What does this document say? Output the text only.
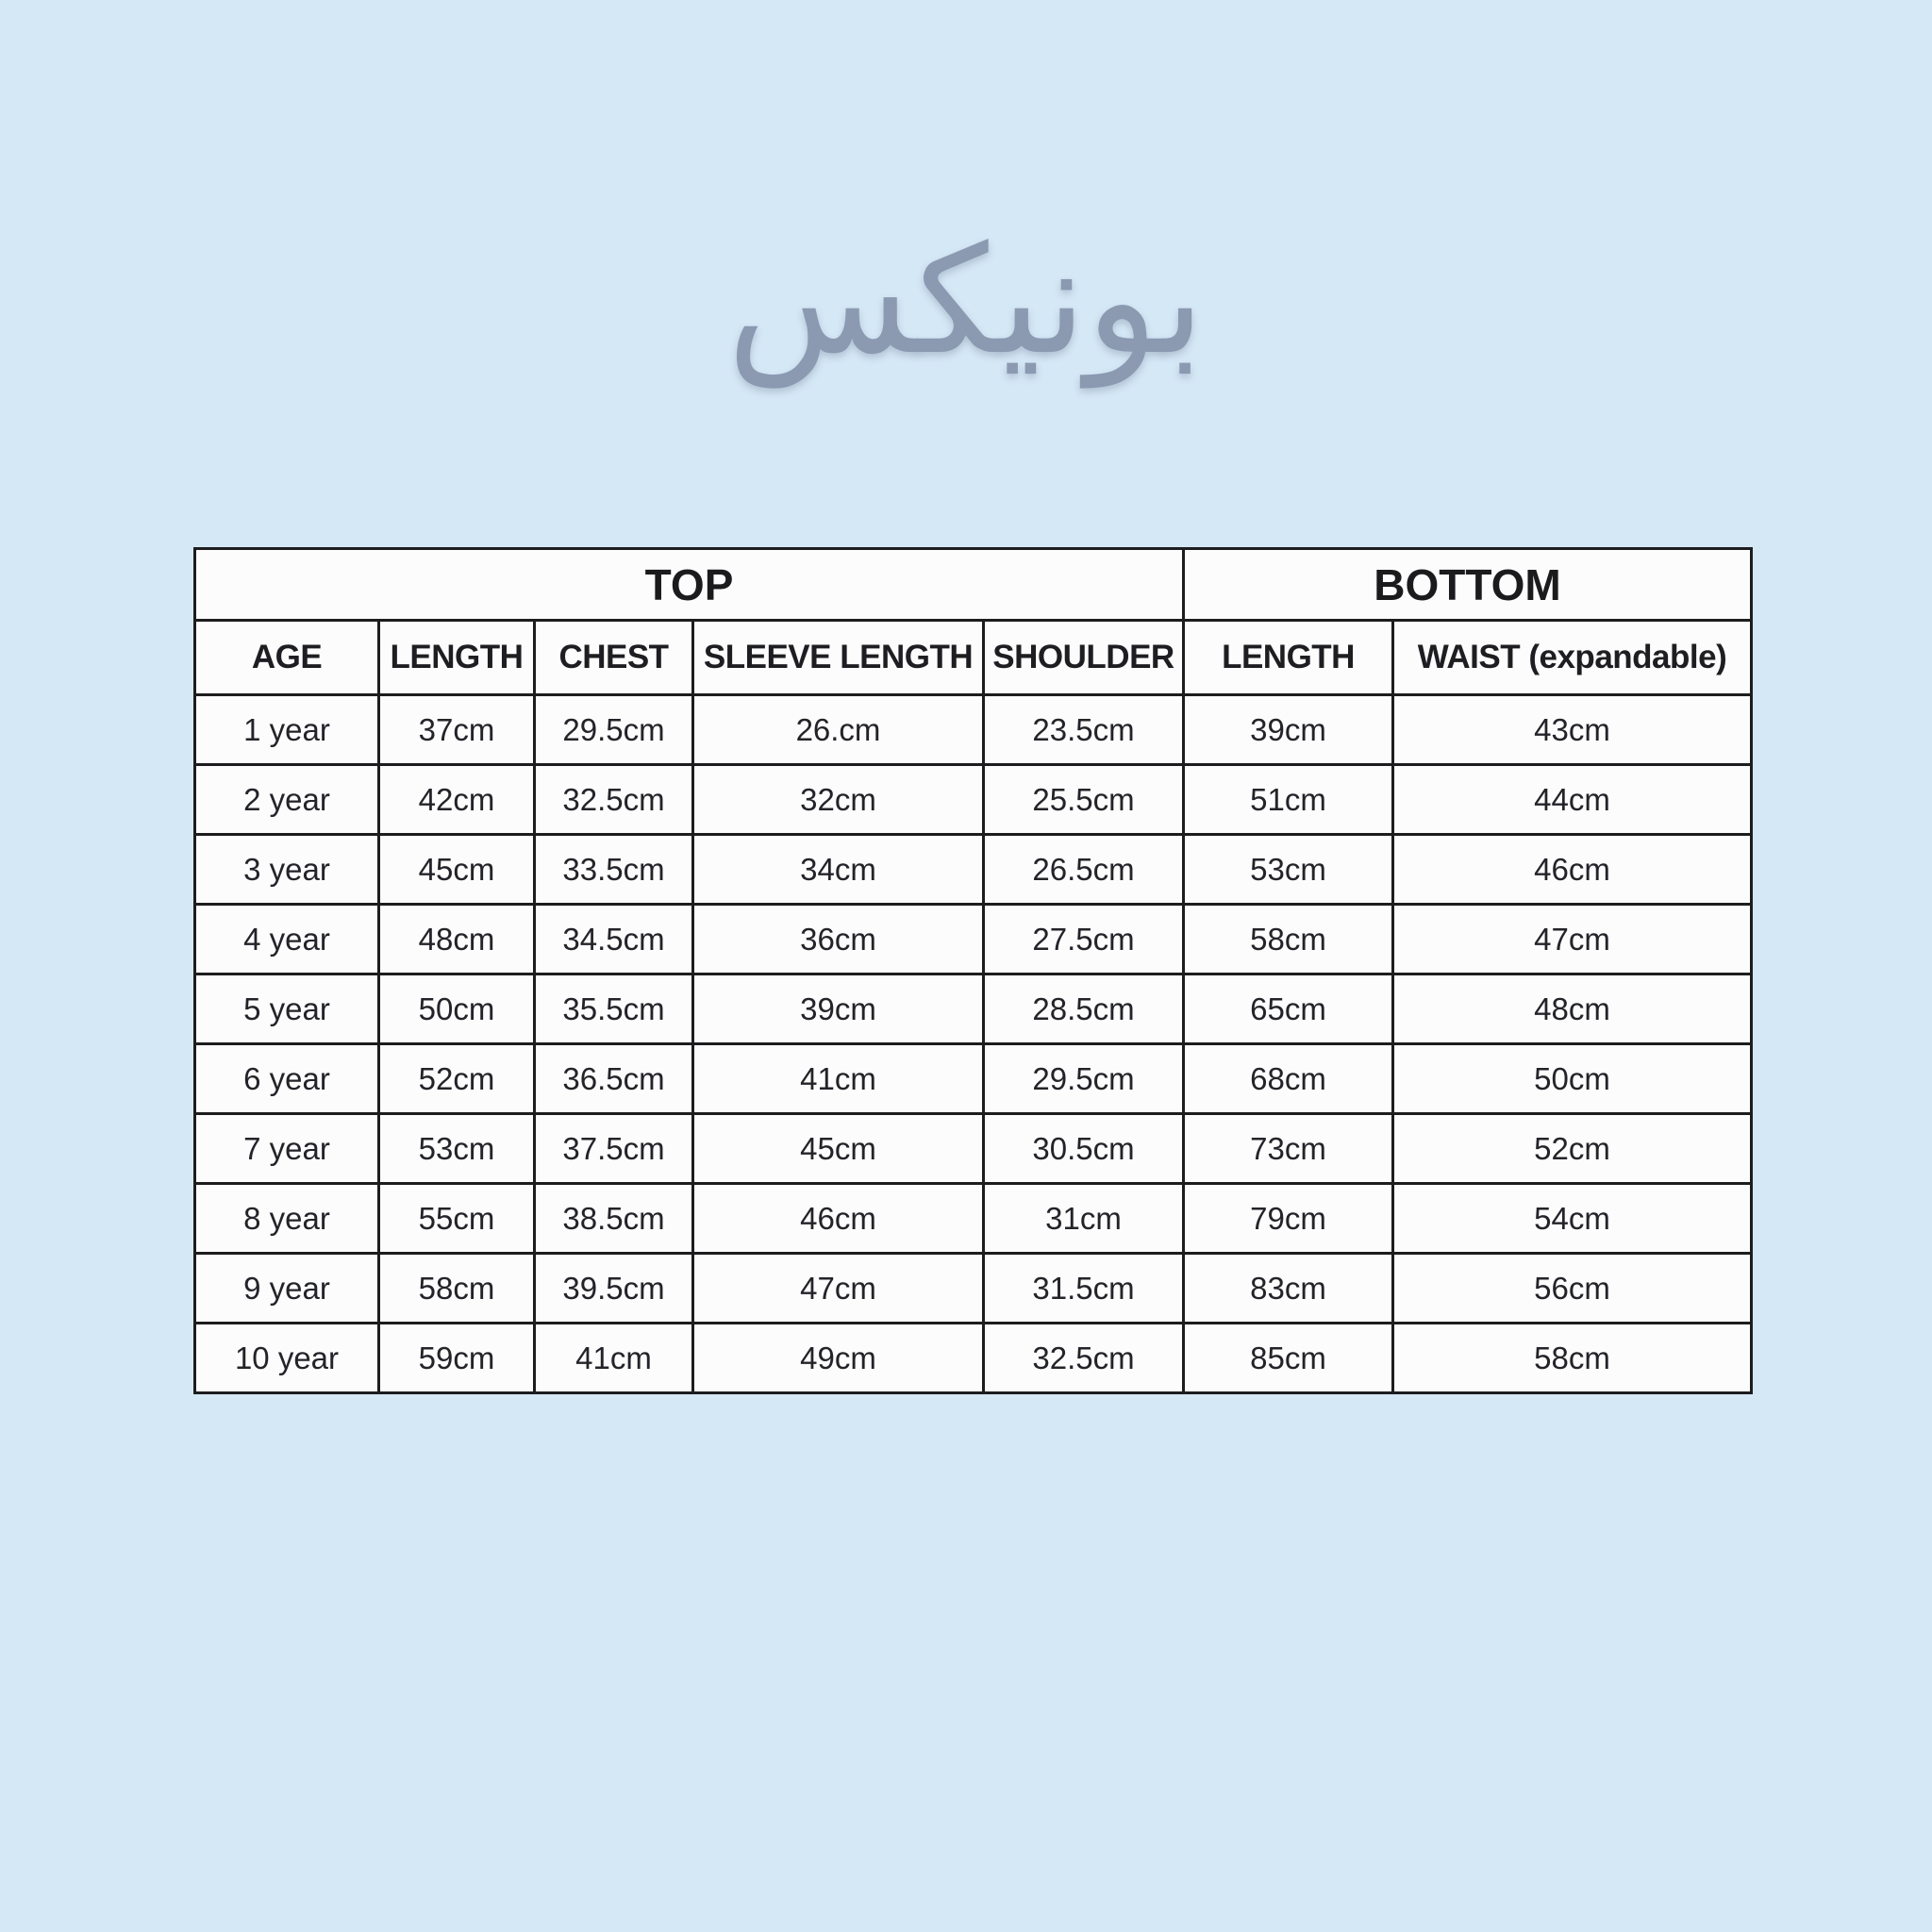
بونيكس
TOP					BOTTOM	
AGE	LENGTH	CHEST	SLEEVE LENGTH	SHOULDER	LENGTH	WAIST (expandable)
1 year	37cm	29.5cm	26.cm	23.5cm	39cm	43cm
2 year	42cm	32.5cm	32cm	25.5cm	51cm	44cm
3 year	45cm	33.5cm	34cm	26.5cm	53cm	46cm
4 year	48cm	34.5cm	36cm	27.5cm	58cm	47cm
5 year	50cm	35.5cm	39cm	28.5cm	65cm	48cm
6 year	52cm	36.5cm	41cm	29.5cm	68cm	50cm
7 year	53cm	37.5cm	45cm	30.5cm	73cm	52cm
8 year	55cm	38.5cm	46cm	31cm	79cm	54cm
9 year	58cm	39.5cm	47cm	31.5cm	83cm	56cm
10 year	59cm	41cm	49cm	32.5cm	85cm	58cm
